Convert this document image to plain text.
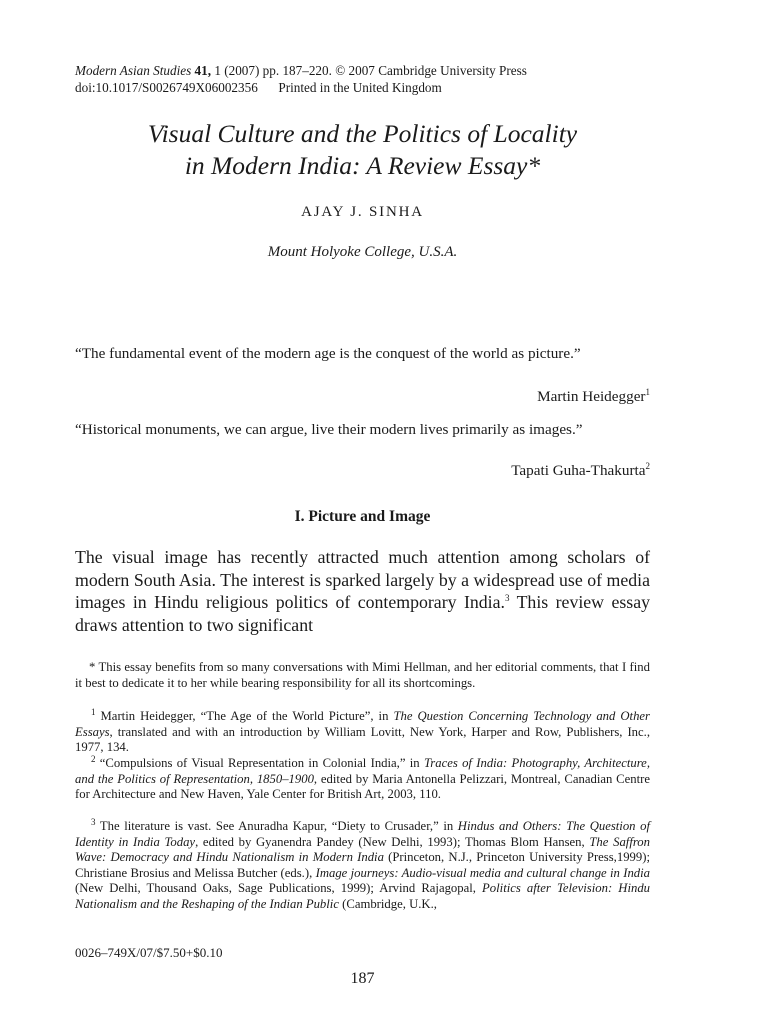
Modern Asian Studies 41, 1 (2007) pp. 187–220. © 2007 Cambridge University Press
doi:10.1017/S0026749X06002356 Printed in the United Kingdom
Visual Culture and the Politics of Locality
in Modern India: A Review Essay*
AJAY J. SINHA
Mount Holyoke College, U.S.A.
“The fundamental event of the modern age is the conquest of the world as picture.”
Martin Heidegger$^1$
“Historical monuments, we can argue, live their modern lives primarily as images.”
Tapati Guha-Thakurta$^2$
I. Picture and Image
The visual image has recently attracted much attention among scholars of modern South Asia. The interest is sparked largely by a widespread use of media images in Hindu religious politics of contemporary India.$^3$ This review essay draws attention to two significant
* This essay benefits from so many conversations with Mimi Hellman, and her editorial comments, that I find it best to dedicate it to her while bearing responsibility for all its shortcomings.
$^1$ Martin Heidegger, “The Age of the World Picture”, in The Question Concerning Technology and Other Essays, translated and with an introduction by William Lovitt, New York, Harper and Row, Publishers, Inc., 1977, 134.
$^2$ “Compulsions of Visual Representation in Colonial India,” in Traces of India: Photography, Architecture, and the Politics of Representation, 1850–1900, edited by Maria Antonella Pelizzari, Montreal, Canadian Centre for Architecture and New Haven, Yale Center for British Art, 2003, 110.
$^3$ The literature is vast. See Anuradha Kapur, “Diety to Crusader,” in Hindus and Others: The Question of Identity in India Today, edited by Gyanendra Pandey (New Delhi, 1993); Thomas Blom Hansen, The Saffron Wave: Democracy and Hindu Nationalism in Modern India (Princeton, N.J., Princeton University Press,1999); Christiane Brosius and Melissa Butcher (eds.), Image journeys: Audio-visual media and cultural change in India (New Delhi, Thousand Oaks, Sage Publications, 1999); Arvind Rajagopal, Politics after Television: Hindu Nationalism and the Reshaping of the Indian Public (Cambridge, U.K.,
0026–749X/07/$7.50+$0.10
187
